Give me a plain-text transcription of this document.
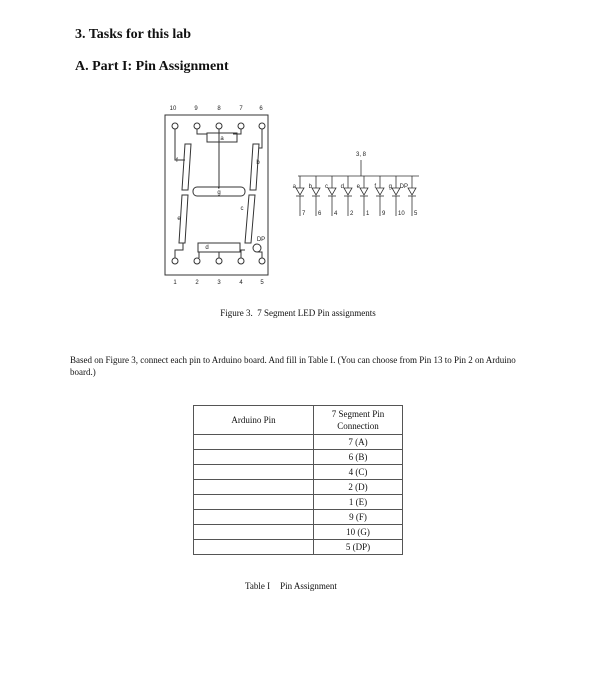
3. Tasks for this lab
A. Part I: Pin Assignment
10	9	8	7	6
a
b
c
d
e
f
g
DP
1	2	3	4	5
3, 8
a
7
b
6
c
4
d
2
e
1
f
9
g
10
DP
5
Figure 3. 7 Segment LED Pin assignments
Based on Figure 3, connect each pin to Arduino board. And fill in Table I. (You can choose from Pin 13 to Pin 2 on Arduino board.)
Arduino Pin	7 Segment Pin Connection

	7 (A)
	6 (B)
	4 (C)
	2 (D)
	1 (E)
	9 (F)
	10 (G)
	5 (DP)
Table I Pin Assignment
